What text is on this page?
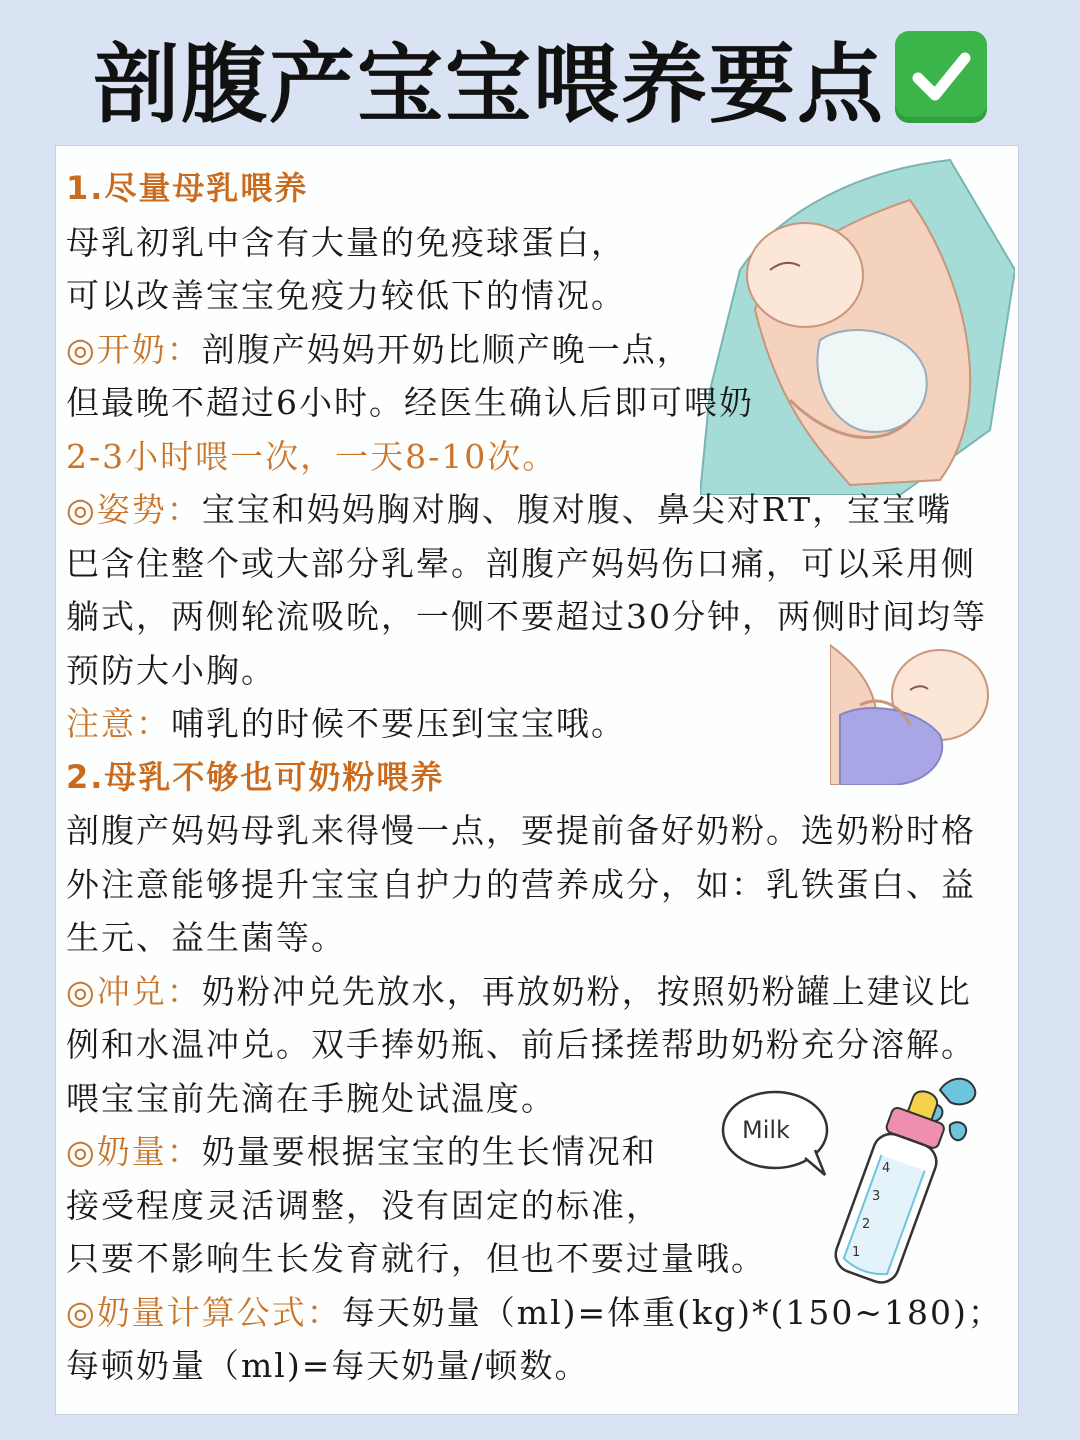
剖腹产宝宝喂养要点
Milk
4
3
2
1
1.尽量母乳喂养
母乳初乳中含有大量的免疫球蛋白，
可以改善宝宝免疫力较低下的情况。
◎开奶：剖腹产妈妈开奶比顺产晚一点，
但最晚不超过6小时。经医生确认后即可喂奶
2-3小时喂一次，一天8-10次。
◎姿势：宝宝和妈妈胸对胸、腹对腹、鼻尖对RT，宝宝嘴
巴含住整个或大部分乳晕。剖腹产妈妈伤口痛，可以采用侧
躺式，两侧轮流吸吮，一侧不要超过30分钟，两侧时间均等
预防大小胸。
注意：哺乳的时候不要压到宝宝哦。
2.母乳不够也可奶粉喂养
剖腹产妈妈母乳来得慢一点，要提前备好奶粉。选奶粉时格
外注意能够提升宝宝自护力的营养成分，如：乳铁蛋白、益
生元、益生菌等。
◎冲兑：奶粉冲兑先放水，再放奶粉，按照奶粉罐上建议比
例和水温冲兑。双手捧奶瓶、前后揉搓帮助奶粉充分溶解。
喂宝宝前先滴在手腕处试温度。
◎奶量：奶量要根据宝宝的生长情况和
接受程度灵活调整，没有固定的标准，
只要不影响生长发育就行，但也不要过量哦。
◎奶量计算公式：每天奶量（ml)=体重(kg)*(150~180)；
每顿奶量（ml)=每天奶量/顿数。
